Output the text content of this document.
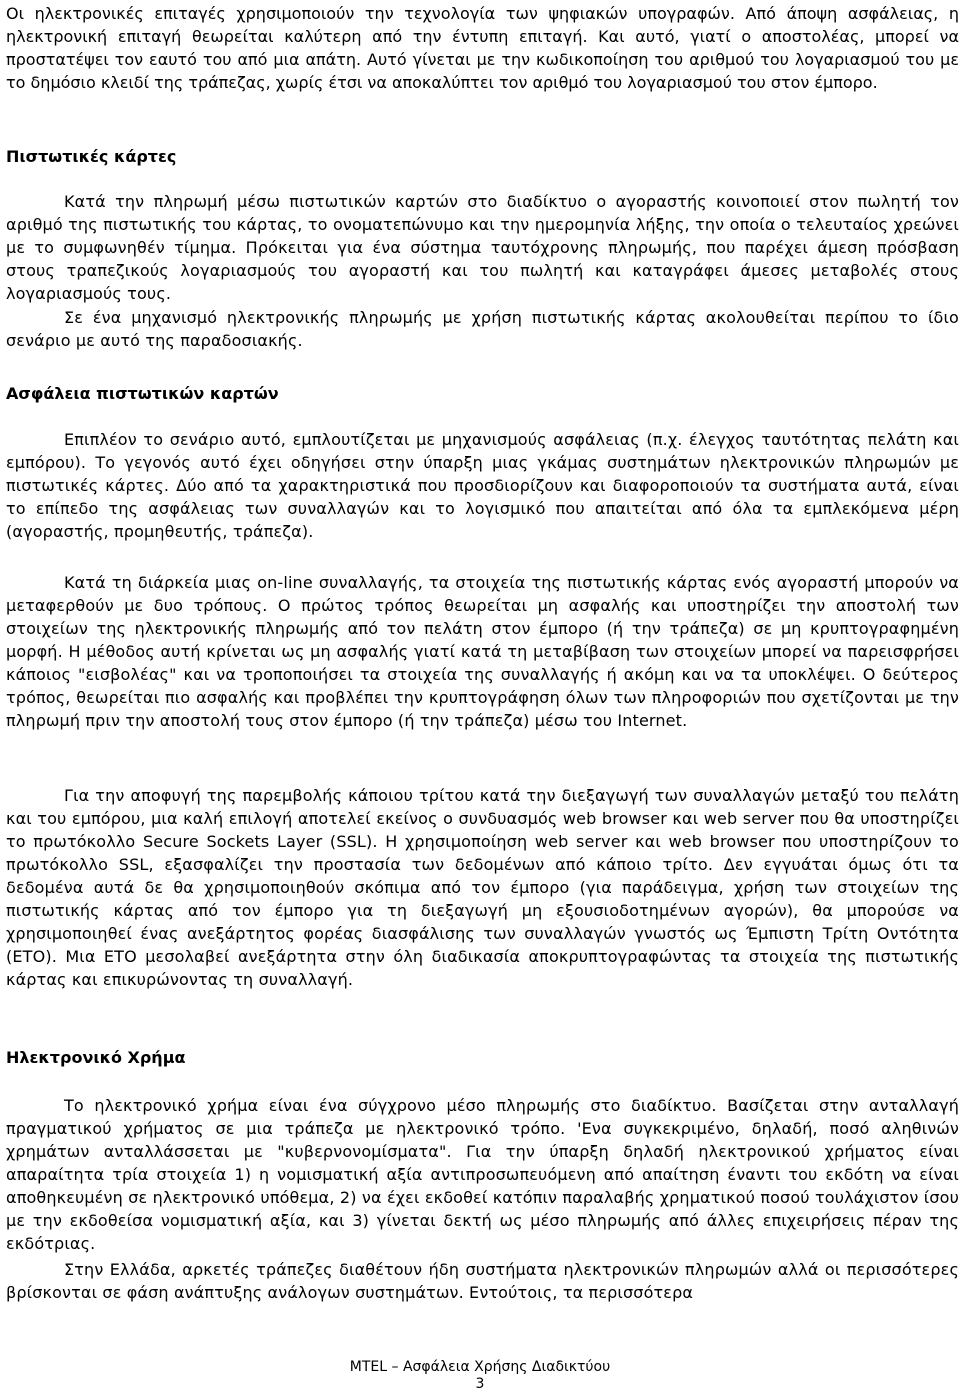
Οι ηλεκτρονικές επιταγές χρησιμοποιούν την τεχνολογία των ψηφιακών υπογραφών. Από άποψη ασφάλειας, η ηλεκτρονική επιταγή θεωρείται καλύτερη από την έντυπη επιταγή. Και αυτό, γιατί ο αποστολέας, μπορεί να προστατέψει τον εαυτό του από μια απάτη. Αυτό γίνεται με την κωδικοποίηση του αριθμού του λογαριασμού του με το δημόσιο κλειδί της τράπεζας, χωρίς έτσι να αποκαλύπτει τον αριθμό του λογαριασμού του στον έμπορο.

Πιστωτικές κάρτες

Κατά την πληρωμή μέσω πιστωτικών καρτών στο διαδίκτυο ο αγοραστής κοινοποιεί στον πωλητή τον αριθμό της πιστωτικής του κάρτας, το ονοματεπώνυμο και την ημερομηνία λήξης, την οποία ο τελευταίος χρεώνει με το συμφωνηθέν τίμημα. Πρόκειται για ένα σύστημα ταυτόχρονης πληρωμής, που παρέχει άμεση πρόσβαση στους τραπεζικούς λογαριασμούς του αγοραστή και του πωλητή και καταγράφει άμεσες μεταβολές στους λογαριασμούς τους.

Σε ένα μηχανισμό ηλεκτρονικής πληρωμής με χρήση πιστωτικής κάρτας ακολουθείται περίπου το ίδιο σενάριο με αυτό της παραδοσιακής.

Ασφάλεια πιστωτικών καρτών

Επιπλέον το σενάριο αυτό, εμπλουτίζεται με μηχανισμούς ασφάλειας (π.χ. έλεγχος ταυτότητας πελάτη και εμπόρου). Το γεγονός αυτό έχει οδηγήσει στην ύπαρξη μιας γκάμας συστημάτων ηλεκτρονικών πληρωμών με πιστωτικές κάρτες. Δύο από τα χαρακτηριστικά που προσδιορίζουν και διαφοροποιούν τα συστήματα αυτά, είναι το επίπεδο της ασφάλειας των συναλλαγών και το λογισμικό που απαιτείται από όλα τα εμπλεκόμενα μέρη (αγοραστής, προμηθευτής, τράπεζα).

Κατά τη διάρκεία μιας on-line συναλλαγής, τα στοιχεία της πιστωτικής κάρτας ενός αγοραστή μπορούν να μεταφερθούν με δυο τρόπους. Ο πρώτος τρόπος θεωρείται μη ασφαλής και υποστηρίζει την αποστολή των στοιχείων της ηλεκτρονικής πληρωμής από τον πελάτη στον έμπορο (ή την τράπεζα) σε μη κρυπτογραφημένη μορφή. Η μέθοδος αυτή κρίνεται ως μη ασφαλής γιατί κατά τη μεταβίβαση των στοιχείων μπορεί να παρεισφρήσει κάποιος "εισβολέας" και να τροποποιήσει τα στοιχεία της συναλλαγής ή ακόμη και να τα υποκλέψει. Ο δεύτερος τρόπος, θεωρείται πιο ασφαλής και προβλέπει την κρυπτογράφηση όλων των πληροφοριών που σχετίζονται με την πληρωμή πριν την αποστολή τους στον έμπορο (ή την τράπεζα) μέσω του Internet.

Για την αποφυγή της παρεμβολής κάποιου τρίτου κατά την διεξαγωγή των συναλλαγών μεταξύ του πελάτη και του εμπόρου, μια καλή επιλογή αποτελεί εκείνος ο συνδυασμός web browser και web server που θα υποστηρίζει το πρωτόκολλο Secure Sockets Layer (SSL). Η χρησιμοποίηση web server και web browser που υποστηρίζουν το πρωτόκολλο SSL, εξασφαλίζει την προστασία των δεδομένων από κάποιο τρίτο. Δεν εγγυάται όμως ότι τα δεδομένα αυτά δε θα χρησιμοποιηθούν σκόπιμα από τον έμπορο (για παράδειγμα, χρήση των στοιχείων της πιστωτικής κάρτας από τον έμπορο για τη διεξαγωγή μη εξουσιοδοτημένων αγορών), θα μπορούσε να χρησιμοποιηθεί ένας ανεξάρτητος φορέας διασφάλισης των συναλλαγών γνωστός ως Έμπιστη Τρίτη Οντότητα (ΕΤΟ). Μια ΕΤΟ μεσολαβεί ανεξάρτητα στην όλη διαδικασία αποκρυπτογραφώντας τα στοιχεία της πιστωτικής κάρτας και επικυρώνοντας τη συναλλαγή.

Ηλεκτρονικό Χρήμα

Το ηλεκτρονικό χρήμα είναι ένα σύγχρονο μέσο πληρωμής στο διαδίκτυο. Βασίζεται στην ανταλλαγή πραγματικού χρήματος σε μια τράπεζα με ηλεκτρονικό τρόπο. 'Ενα συγκεκριμένο, δηλαδή, ποσό αληθινών χρημάτων ανταλλάσσεται με "κυβερνονομίσματα". Για την ύπαρξη δηλαδή ηλεκτρονικού χρήματος είναι απαραίτητα τρία στοιχεία 1) η νομισματική αξία αντιπροσωπευόμενη από απαίτηση έναντι του εκδότη να είναι αποθηκευμένη σε ηλεκτρονικό υπόθεμα, 2) να έχει εκδοθεί κατόπιν παραλαβής χρηματικού ποσού τουλάχιστον ίσου με την εκδοθείσα νομισματική αξία, και 3) γίνεται δεκτή ως μέσο πληρωμής από άλλες επιχειρήσεις πέραν της εκδότριας.

Στην Ελλάδα, αρκετές τράπεζες διαθέτουν ήδη συστήματα ηλεκτρονικών πληρωμών αλλά οι περισσότερες βρίσκονται σε φάση ανάπτυξης ανάλογων συστημάτων. Εντούτοις, τα περισσότερα

MTEL – Ασφάλεια Χρήσης Διαδικτύου
3
